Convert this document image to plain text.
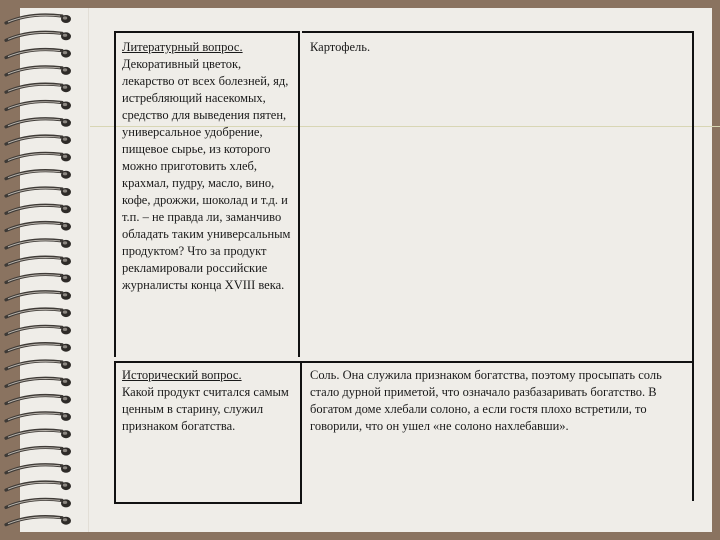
Литературный вопрос.
Декоративный цветок, лекарство от всех болезней, яд, истребляющий насекомых, средство для выведения пятен, универсальное удобрение, пищевое сырье, из которого можно приготовить хлеб, крахмал, пудру, масло, вино, кофе, дрожжи, шоколад и т.д. и т.п. – не правда ли, заманчиво обладать таким универсальным продуктом? Что за продукт рекламировали российские журналисты конца XVIII века.
Картофель.
Исторический вопрос.
Какой продукт считался самым ценным в старину, служил признаком богатства.
Соль. Она служила признаком богатства, поэтому просыпать соль стало дурной приметой, что означало разбазаривать богатство. В богатом доме хлебали солоно, а если гостя плохо встретили, то говорили, что он ушел «не солоно нахлебавши».
